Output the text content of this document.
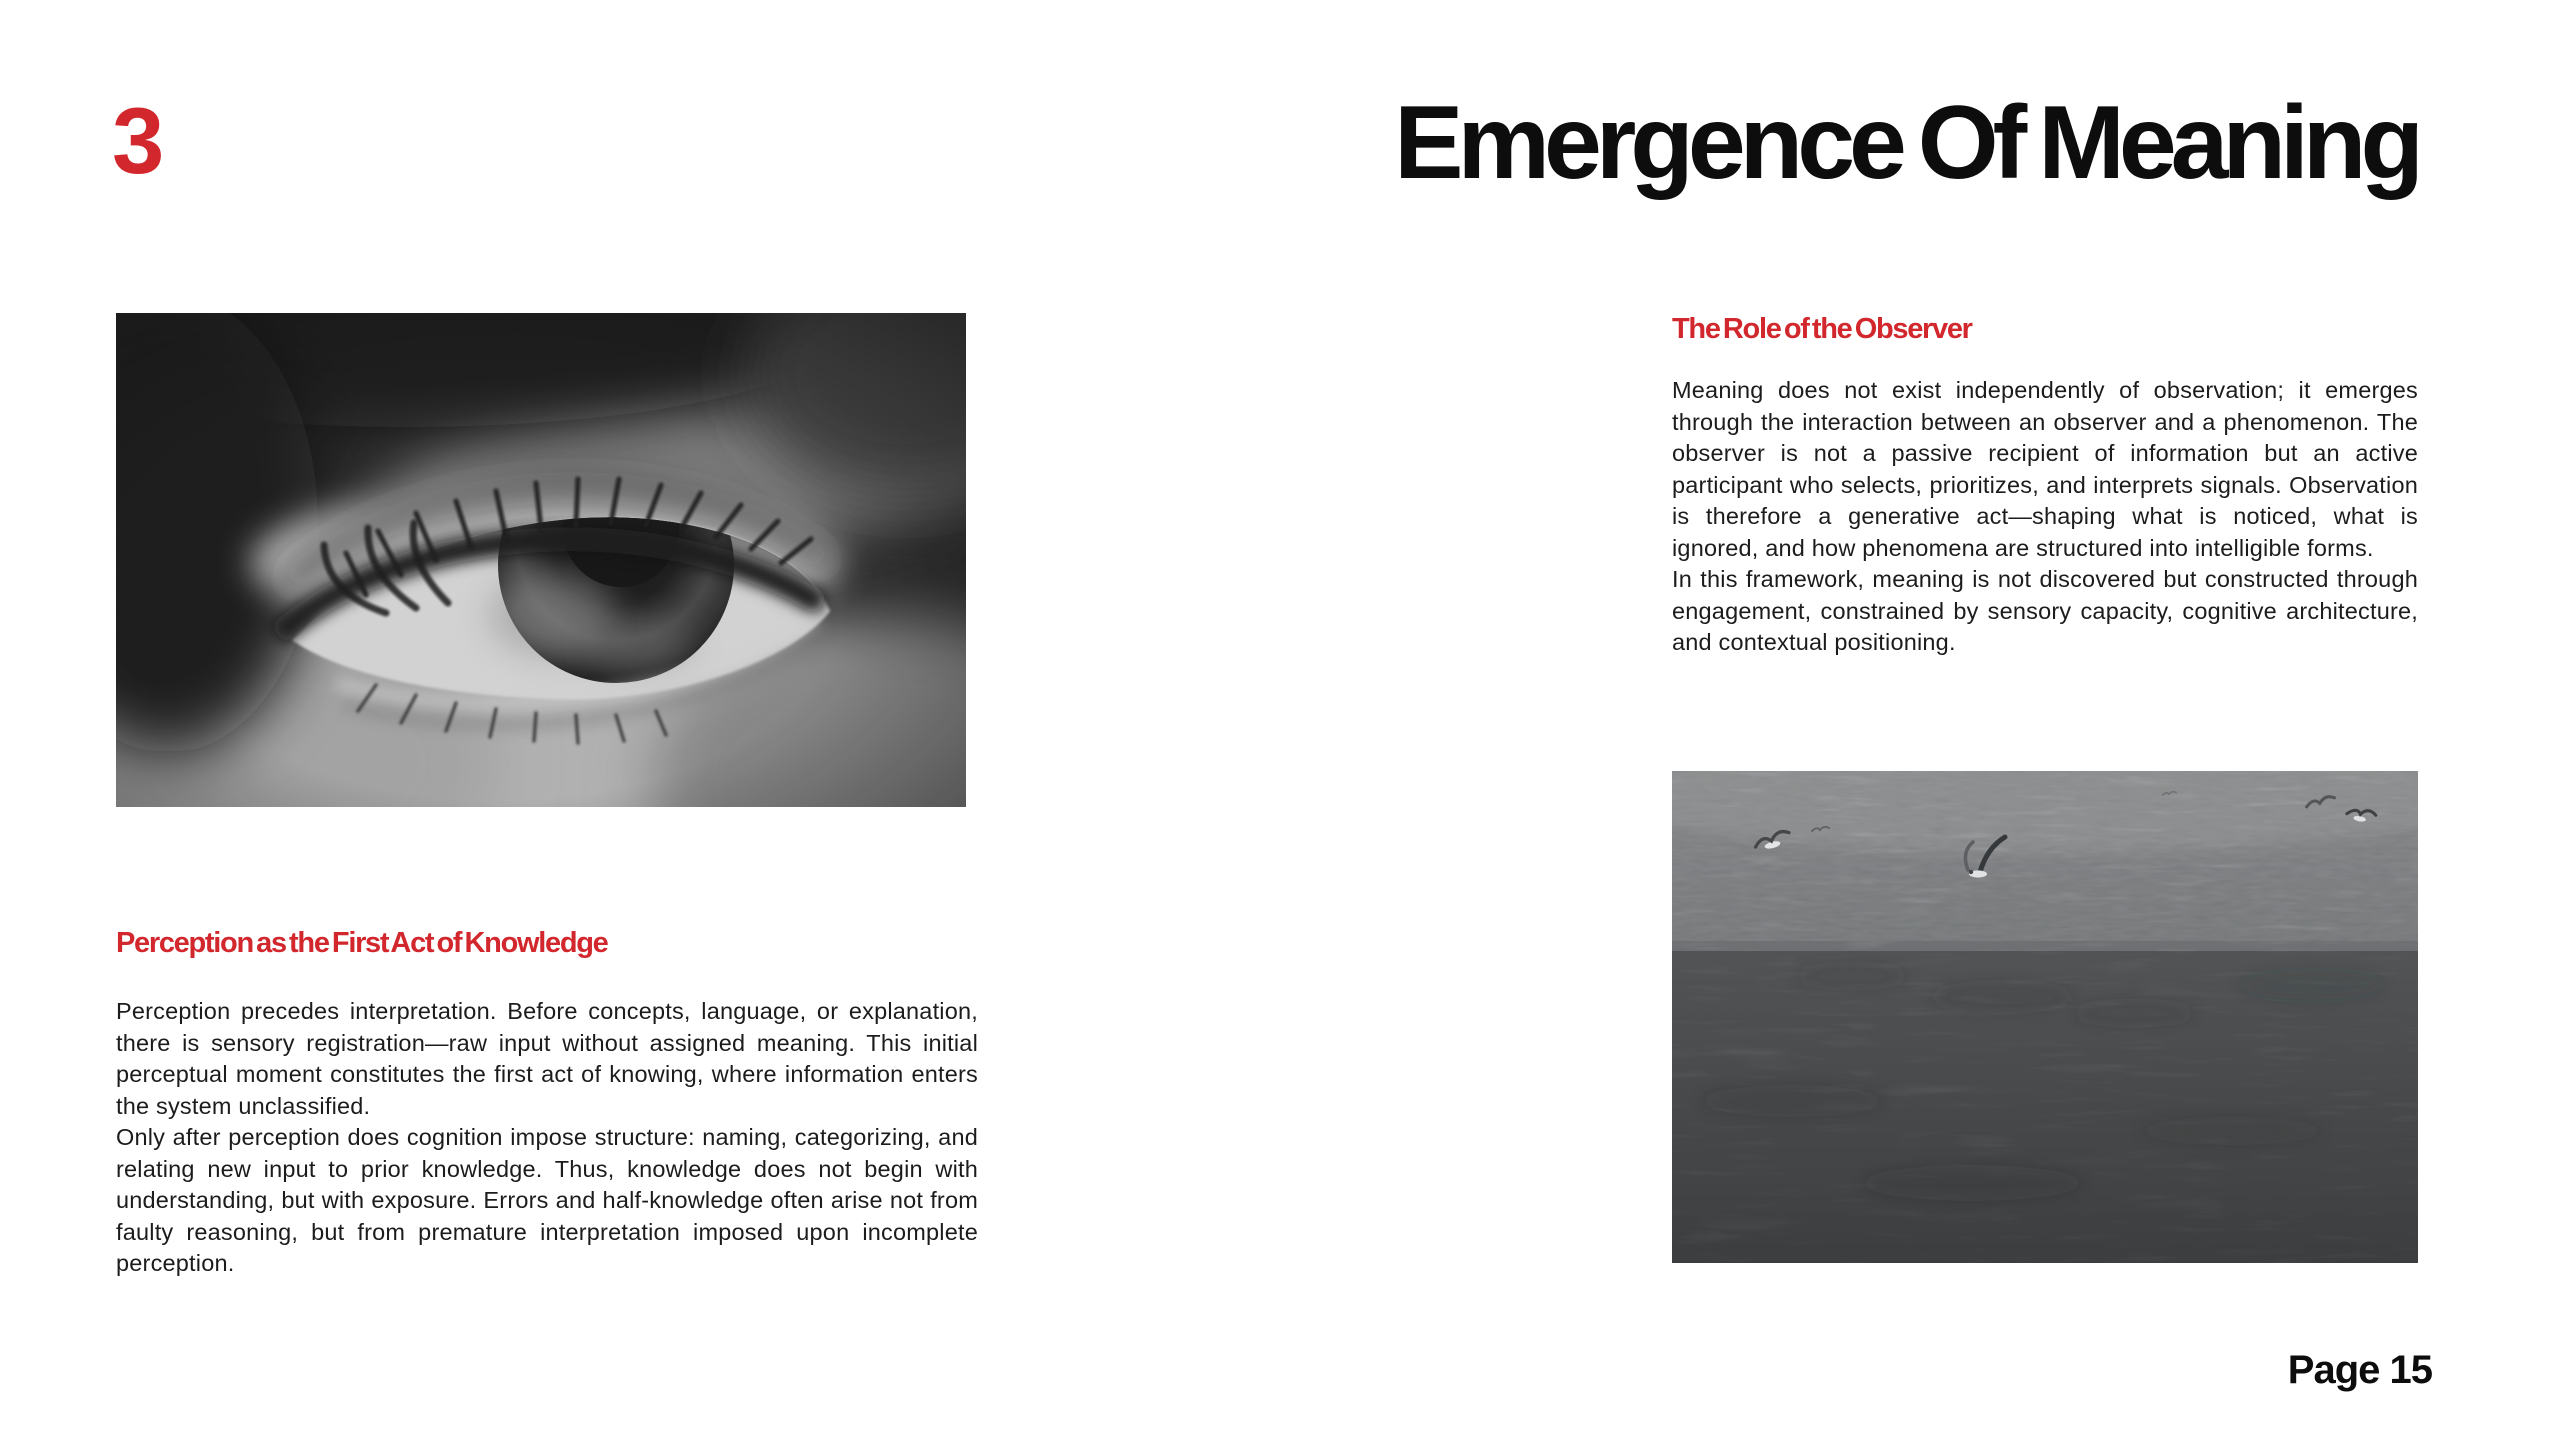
3	Emergence Of Meaning
Perception as the First Act of Knowledge

Perception precedes interpretation. Before concepts, language, or explanation, there is sensory registration—raw input without assigned meaning. This initial perceptual moment constitutes the first act of knowing, where information enters the system unclassified.

Only after perception does cognition impose structure: naming, categorizing, and relating new input to prior knowledge. Thus, knowledge does not begin with understanding, but with exposure. Errors and half-knowledge often arise not from faulty reasoning, but from premature interpretation imposed upon incomplete perception.

The Role of the Observer

Meaning does not exist independently of observation; it emerges through the interaction between an observer and a phenomenon. The observer is not a passive recipient of information but an active participant who selects, prioritizes, and interprets signals. Observation is therefore a generative act—shaping what is noticed, what is ignored, and how phenomena are structured into intelligible forms.

In this framework, meaning is not discovered but constructed through engagement, constrained by sensory capacity, cognitive architecture, and contextual positioning.

Page 15
